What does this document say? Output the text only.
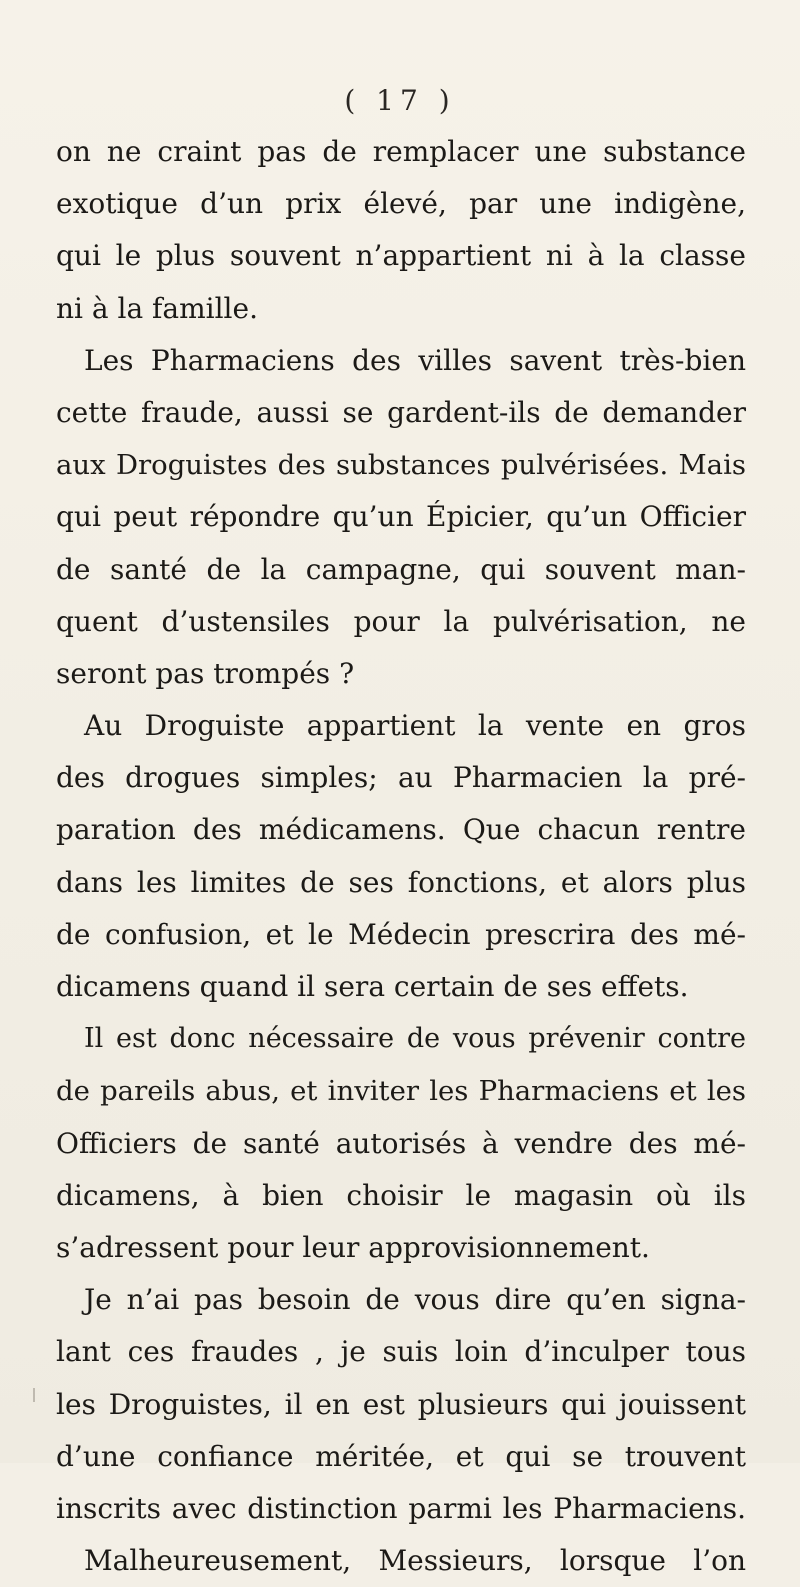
( 17 )
on ne craint pas de remplacer une substance
exotique d’un prix élevé, par une indigène,
qui le plus souvent n’appartient ni à la classe
ni à la famille.
Les Pharmaciens des villes savent très-bien
cette fraude, aussi se gardent-ils de demander
aux Droguistes des substances pulvérisées. Mais
qui peut répondre qu’un Épicier, qu’un Officier
de santé de la campagne, qui souvent man-
quent d’ustensiles pour la pulvérisation, ne
seront pas trompés ?
Au Droguiste appartient la vente en gros
des drogues simples; au Pharmacien la pré-
paration des médicamens. Que chacun rentre
dans les limites de ses fonctions, et alors plus
de confusion, et le Médecin prescrira des mé-
dicamens quand il sera certain de ses effets.
Il est donc nécessaire de vous prévenir contre
de pareils abus, et inviter les Pharmaciens et les
Officiers de santé autorisés à vendre des mé-
dicamens, à bien choisir le magasin où ils
s’adressent pour leur approvisionnement.
Je n’ai pas besoin de vous dire qu’en signa-
lant ces fraudes , je suis loin d’inculper tous
les Droguistes, il en est plusieurs qui jouissent
d’une confiance méritée, et qui se trouvent
inscrits avec distinction parmi les Pharmaciens.
Malheureusement, Messieurs, lorsque l’on
